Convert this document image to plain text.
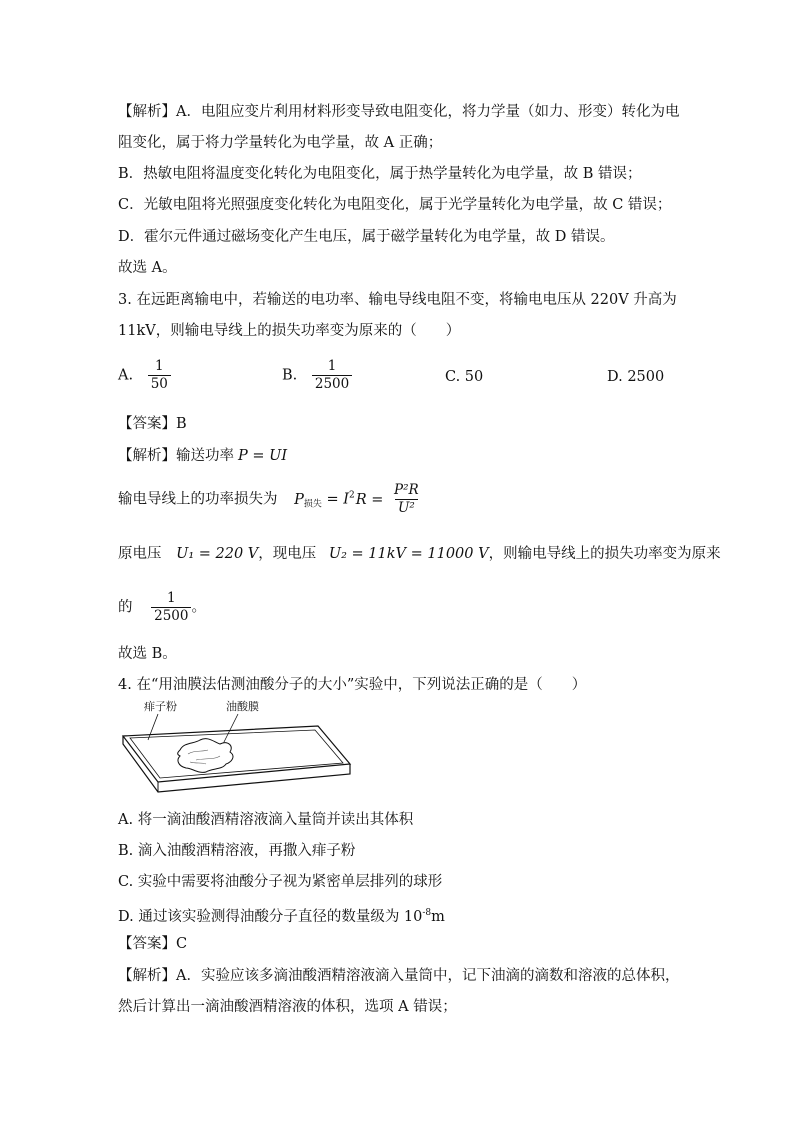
【解析】A．电阻应变片利用材料形变导致电阻变化，将力学量（如力、形变）转化为电
阻变化，属于将力学量转化为电学量，故 A 正确；
B．热敏电阻将温度变化转化为电阻变化，属于热学量转化为电学量，故 B 错误；
C．光敏电阻将光照强度变化转化为电阻变化，属于光学量转化为电学量，故 C 错误；
D．霍尔元件通过磁场变化产生电压，属于磁学量转化为电学量，故 D 错误。
故选 A。
3. 在远距离输电中，若输送的电功率、输电导线电阻不变，将输电电压从 220V 升高为
11kV，则输电导线上的损失功率变为原来的（　　）
A. $\frac{1}{50}$	B. $\frac{1}{2500}$	C. 50	D. 2500
【答案】B
【解析】输送功率 P = UI
输电导线上的功率损失为 $P_{损失} = I^2R = \frac{\text{P²R}}{\text{U²}}$
原电压 U₁ = 220 V，现电压 U₂ = 11kV = 11000 V，则输电导线上的损失功率变为原来
的 $\frac{1}{2500}$ 。
故选 B。
4. 在“用油膜法估测油酸分子的大小”实验中，下列说法正确的是（　　）
痱子粉	油酸膜
A. 将一滴油酸酒精溶液滴入量筒并读出其体积
B. 滴入油酸酒精溶液，再撒入痱子粉
C. 实验中需要将油酸分子视为紧密单层排列的球形
D. 通过该实验测得油酸分子直径的数量级为 $10^{-8}m$
【答案】C
【解析】A．实验应该多滴油酸酒精溶液滴入量筒中，记下油滴的滴数和溶液的总体积，
然后计算出一滴油酸酒精溶液的体积，选项 A 错误；
